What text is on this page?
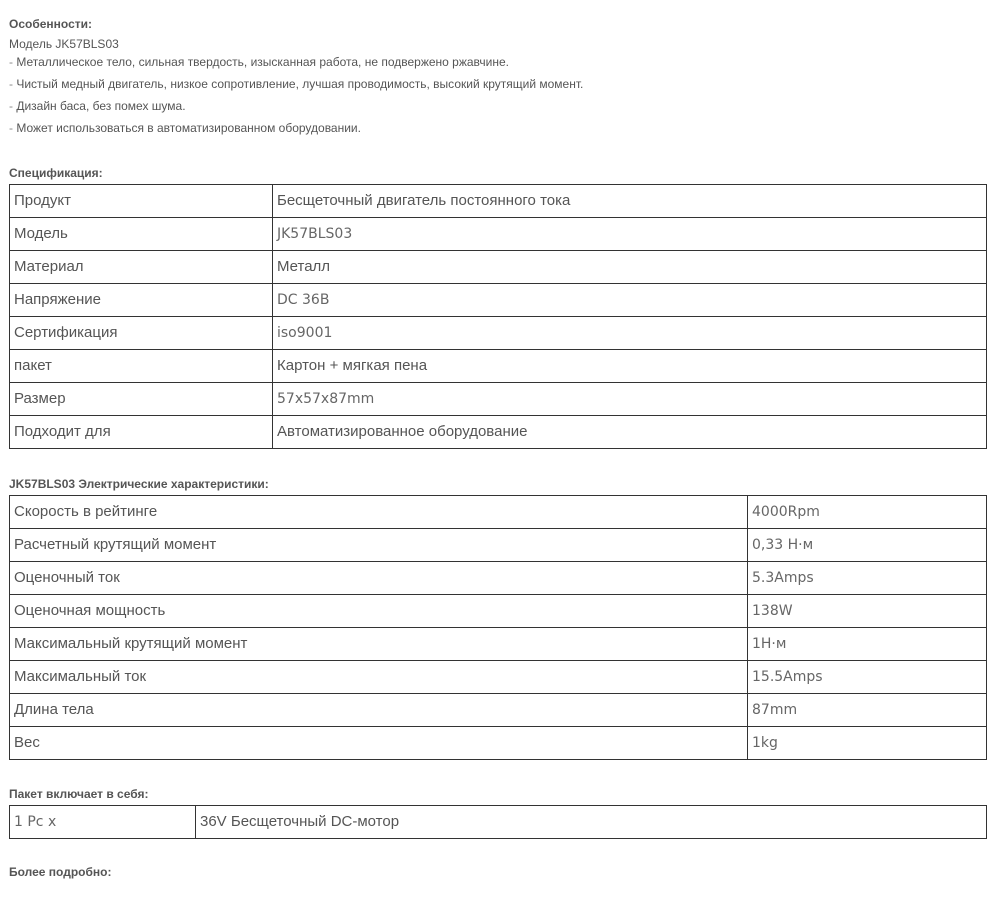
Особенности:
Модель JK57BLS03
- Металлическое тело, сильная твердость, изысканная работа, не подвержено ржавчине.
- Чистый медный двигатель, низкое сопротивление, лучшая проводимость, высокий крутящий момент.
- Дизайн баса, без помех шума.
- Может использоваться в автоматизированном оборудовании.
Спецификация:
Продукт	Бесщеточный двигатель постоянного тока
Модель	JK57BLS03
Материал	Металл
Напряжение	DC 36В
Сертификация	iso9001
пакет	Картон + мягкая пена
Размер	57x57x87mm
Подходит для	Автоматизированное оборудование
JK57BLS03 Электрические характеристики:
Скорость в рейтинге	4000Rpm
Расчетный крутящий момент	0,33 Н·м
Оценочный ток	5.3Amps
Оценочная мощность	138W
Максимальный крутящий момент	1Н·м
Максимальный ток	15.5Amps
Длина тела	87mm
Вес	1kg
Пакет включает в себя:
1 Pc x	36V Бесщеточный DC-мотор
Более подробно:
